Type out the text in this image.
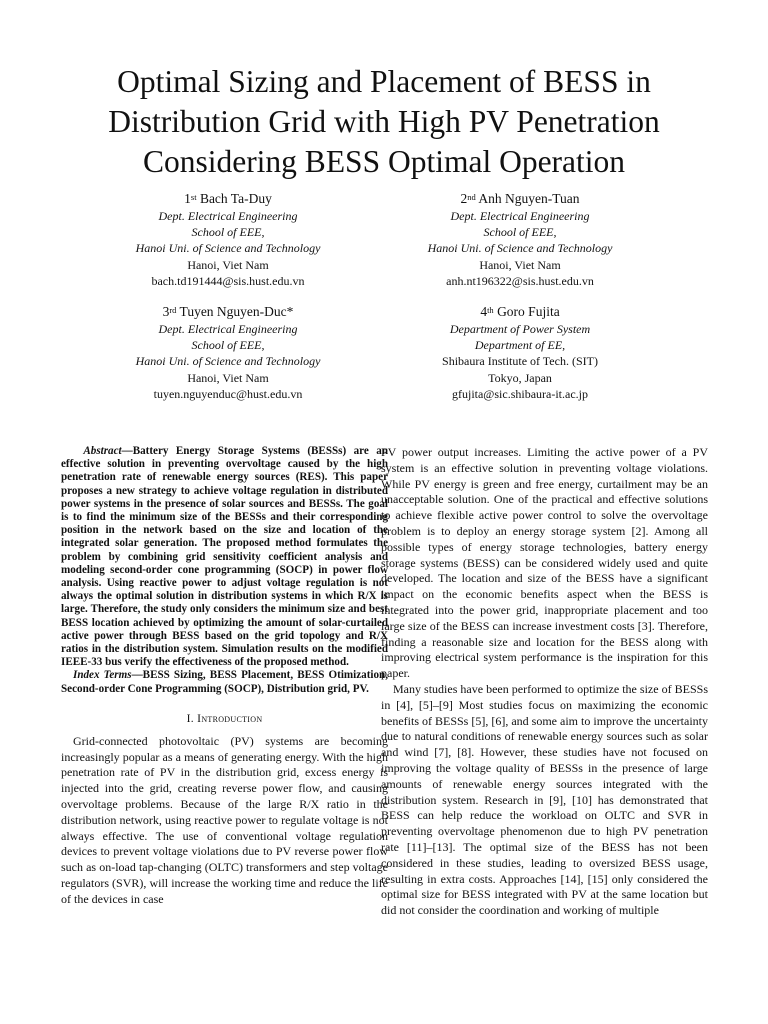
Optimal Sizing and Placement of BESS in
Distribution Grid with High PV Penetration
Considering BESS Optimal Operation
1st Bach Ta-Duy
Dept. Electrical Engineering
School of EEE,
Hanoi Uni. of Science and Technology
Hanoi, Viet Nam
bach.td191444@sis.hust.edu.vn
2nd Anh Nguyen-Tuan
Dept. Electrical Engineering
School of EEE,
Hanoi Uni. of Science and Technology
Hanoi, Viet Nam
anh.nt196322@sis.hust.edu.vn
3rd Tuyen Nguyen-Duc*
Dept. Electrical Engineering
School of EEE,
Hanoi Uni. of Science and Technology
Hanoi, Viet Nam
tuyen.nguyenduc@hust.edu.vn
4th Goro Fujita
Department of Power System
Department of EE,
Shibaura Institute of Tech. (SIT)
Tokyo, Japan
gfujita@sic.shibaura-it.ac.jp

Abstract—Battery Energy Storage Systems (BESSs) are an effective solution in preventing overvoltage caused by the high penetration rate of renewable energy sources (RES). This paper proposes a new strategy to achieve voltage regulation in distributed power systems in the presence of solar sources and BESSs. The goal is to find the minimum size of the BESSs and their corresponding position in the network based on the size and location of the integrated solar generation. The proposed method formulates the problem by combining grid sensitivity coefficient analysis and modeling second-order cone programming (SOCP) in power flow analysis. Using reactive power to adjust voltage regulation is not always the optimal solution in distribution systems in which R/X is large. Therefore, the study only considers the minimum size and best BESS location achieved by optimizing the amount of solar-curtailed active power through BESS based on the grid topology and R/X ratios in the distribution system. Simulation results on the modified IEEE-33 bus verify the effectiveness of the proposed method.

Index Terms—BESS Sizing, BESS Placement, BESS Otimization, Second-order Cone Programming (SOCP), Distribution grid, PV.

I. Introduction

Grid-connected photovoltaic (PV) systems are becoming increasingly popular as a means of generating energy. With the high penetration rate of PV in the distribution grid, excess energy is injected into the grid, creating reverse power flow, and causing overvoltage problems. Because of the large R/X ratio in the distribution network, using reactive power to regulate voltage is not always effective. The use of conventional voltage regulation devices to prevent voltage violations due to PV reverse power flow such as on-load tap-changing (OLTC) transformers and step voltage regulators (SVR), will increase the working time and reduce the life of the devices in case

PV power output increases. Limiting the active power of a PV system is an effective solution in preventing voltage violations. While PV energy is green and free energy, curtailment may be an unacceptable solution. One of the practical and effective solutions to achieve flexible active power control to solve the overvoltage problem is to deploy an energy storage system [2]. Among all possible types of energy storage technologies, battery energy storage systems (BESS) can be considered widely used and quite developed. The location and size of the BESS have a significant impact on the economic benefits aspect when the BESS is integrated into the power grid, inappropriate placement and too large size of the BESS can increase investment costs [3]. Therefore, finding a reasonable size and location for the BESS along with improving electrical system performance is the inspiration for this paper.

Many studies have been performed to optimize the size of BESSs in [4], [5]–[9] Most studies focus on maximizing the economic benefits of BESSs [5], [6], and some aim to improve the uncertainty due to natural conditions of renewable energy sources such as solar and wind [7], [8]. However, these studies have not focused on improving the voltage quality of BESSs in the presence of large amounts of renewable energy sources integrated with the distribution system. Research in [9], [10] has demonstrated that BESS can help reduce the workload on OLTC and SVR in preventing overvoltage phenomenon due to high PV penetration rate [11]–[13]. The optimal size of the BESS has not been considered in these studies, leading to oversized BESS usage, resulting in extra costs. Approaches [14], [15] only considered the optimal size for BESS integrated with PV at the same location but did not consider the coordination and working of multiple
